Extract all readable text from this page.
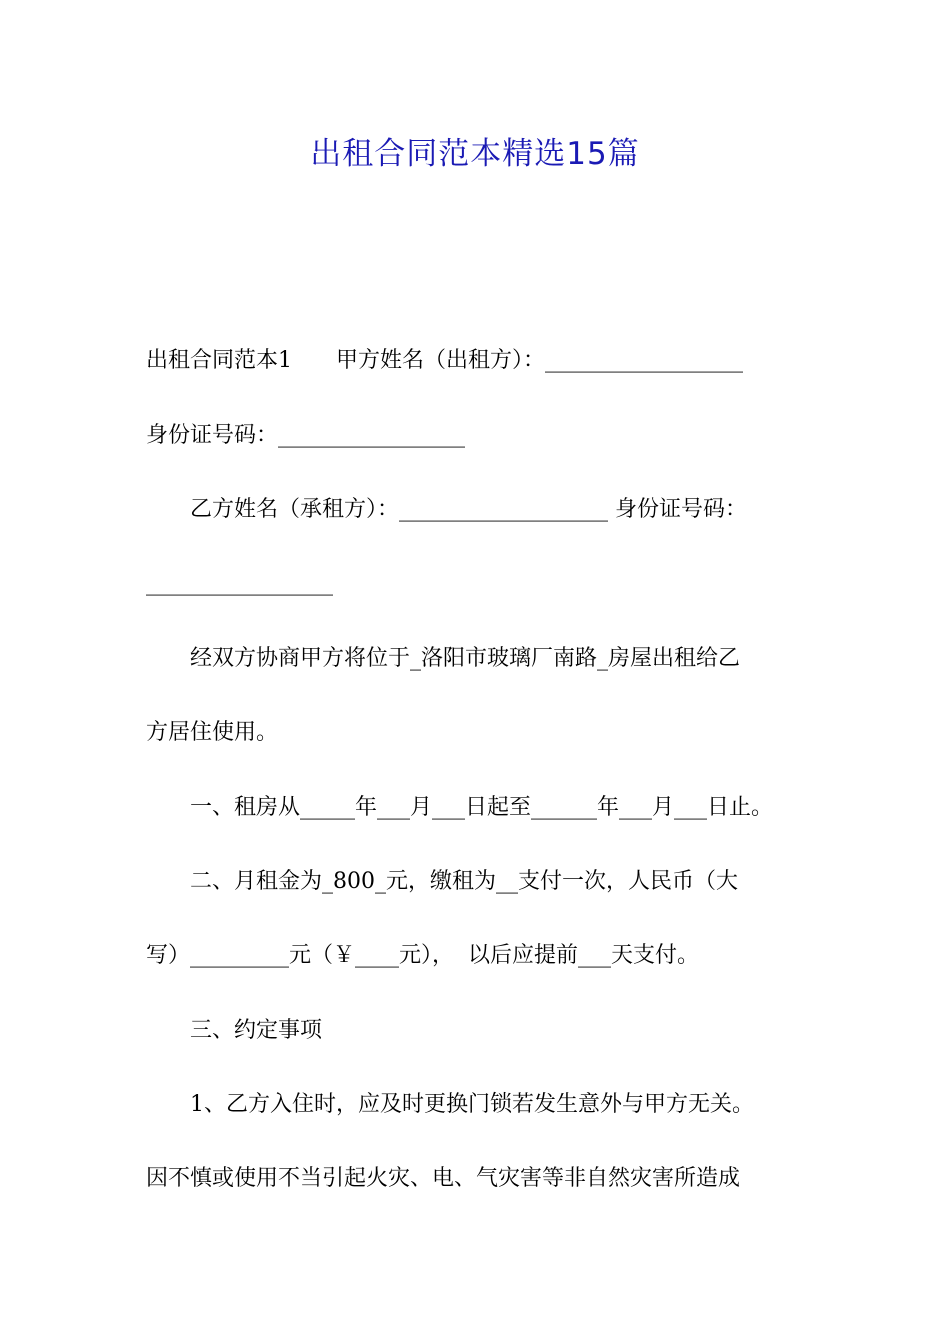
出租合同范本精选15篇
出租合同范本1　　甲方姓名（出租方）：__________________
身份证号码：_________________
　　乙方姓名（承租方）：___________________ 身份证号码：
_________________
　　经双方协商甲方将位于_洛阳市玻璃厂南路_房屋出租给乙
方居住使用。
　　一、租房从_____年___月___日起至______年___月___日止。
　　二、月租金为_800_元，缴租为__支付一次，人民币（大
写）_________元（￥____元），  以后应提前___天支付。
　　三、约定事项
　　1、乙方入住时，应及时更换门锁若发生意外与甲方无关。
因不慎或使用不当引起火灾、电、气灾害等非自然灾害所造成
